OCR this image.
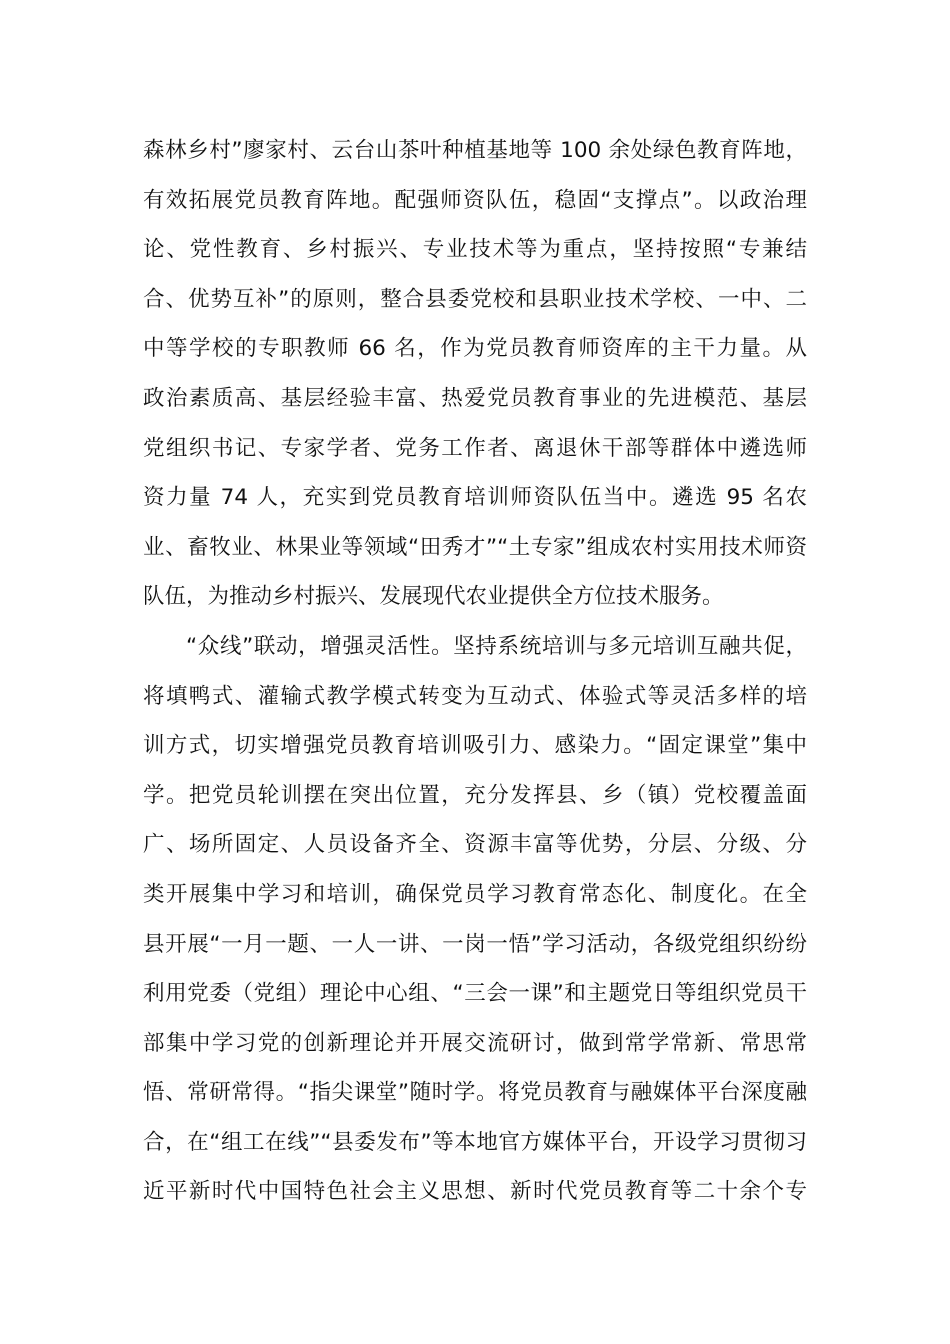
森林乡村”廖家村、云台山茶叶种植基地等 100 余处绿色教育阵地，
有效拓展党员教育阵地。配强师资队伍，稳固“支撑点”。以政治理
论、党性教育、乡村振兴、专业技术等为重点，坚持按照“专兼结
合、优势互补”的原则，整合县委党校和县职业技术学校、一中、二
中等学校的专职教师 66 名，作为党员教育师资库的主干力量。从
政治素质高、基层经验丰富、热爱党员教育事业的先进模范、基层
党组织书记、专家学者、党务工作者、离退休干部等群体中遴选师
资力量 74 人，充实到党员教育培训师资队伍当中。遴选 95 名农
业、畜牧业、林果业等领域“田秀才”“土专家”组成农村实用技术师资
队伍，为推动乡村振兴、发展现代农业提供全方位技术服务。
“众线”联动，增强灵活性。坚持系统培训与多元培训互融共促，
将填鸭式、灌输式教学模式转变为互动式、体验式等灵活多样的培
训方式，切实增强党员教育培训吸引力、感染力。“固定课堂”集中
学。把党员轮训摆在突出位置，充分发挥县、乡（镇）党校覆盖面
广、场所固定、人员设备齐全、资源丰富等优势，分层、分级、分
类开展集中学习和培训，确保党员学习教育常态化、制度化。在全
县开展“一月一题、一人一讲、一岗一悟”学习活动，各级党组织纷纷
利用党委（党组）理论中心组、“三会一课”和主题党日等组织党员干
部集中学习党的创新理论并开展交流研讨，做到常学常新、常思常
悟、常研常得。“指尖课堂”随时学。将党员教育与融媒体平台深度融
合，在“组工在线”“县委发布”等本地官方媒体平台，开设学习贯彻习
近平新时代中国特色社会主义思想、新时代党员教育等二十余个专
